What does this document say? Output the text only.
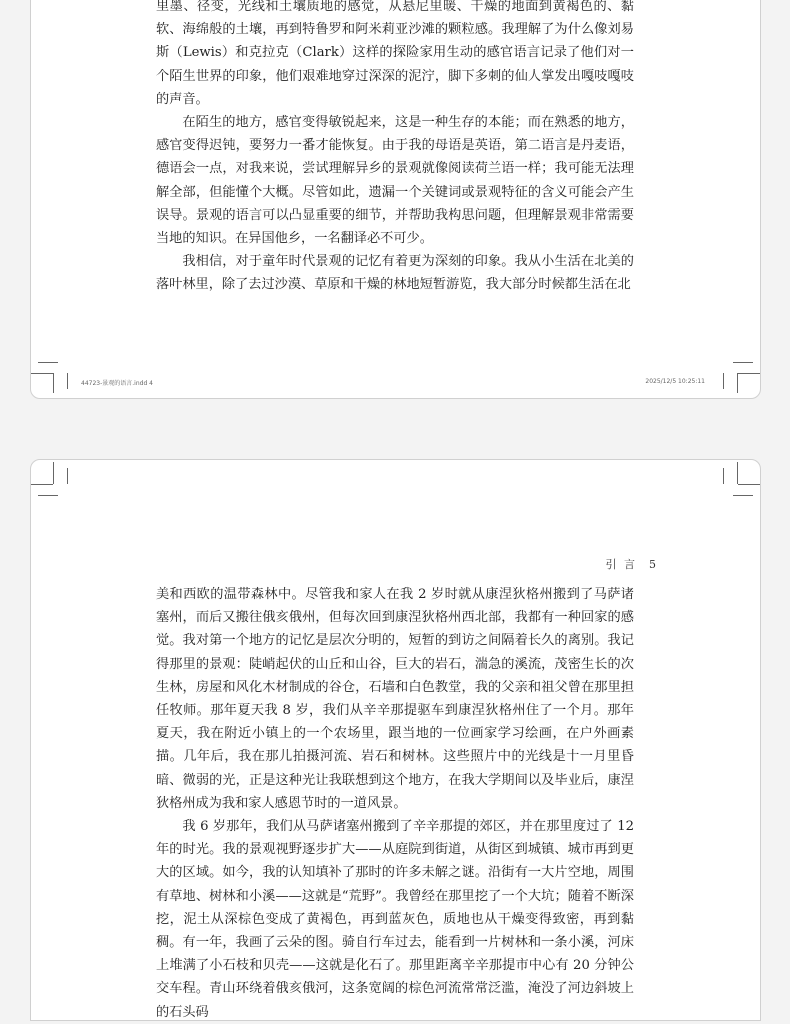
里墨、径变，光线和土壤质地的感觉，从悬尼里暖、干燥的地面到黄褐色的、黏软、海绵般的土壤，再到特鲁罗和阿米莉亚沙滩的颗粒感。我理解了为什么像刘易斯（Lewis）和克拉克（Clark）这样的探险家用生动的感官语言记录了他们对一个陌生世界的印象，他们艰难地穿过深深的泥泞，脚下多刺的仙人掌发出嘎吱嘎吱的声音。

在陌生的地方，感官变得敏锐起来，这是一种生存的本能；而在熟悉的地方，感官变得迟钝，要努力一番才能恢复。由于我的母语是英语，第二语言是丹麦语，德语会一点，对我来说，尝试理解异乡的景观就像阅读荷兰语一样；我可能无法理解全部，但能懂个大概。尽管如此，遗漏一个关键词或景观特征的含义可能会产生误导。景观的语言可以凸显重要的细节，并帮助我构思问题，但理解景观非常需要当地的知识。在异国他乡，一名翻译必不可少。

我相信，对于童年时代景观的记忆有着更为深刻的印象。我从小生活在北美的落叶林里，除了去过沙漠、草原和干燥的林地短暂游览，我大部分时候都生活在北

44723-景观的语言.indd 4	2025/12/5 10:25:11
引 言 5

美和西欧的温带森林中。尽管我和家人在我 2 岁时就从康涅狄格州搬到了马萨诸塞州，而后又搬往俄亥俄州，但每次回到康涅狄格州西北部，我都有一种回家的感觉。我对第一个地方的记忆是层次分明的，短暂的到访之间隔着长久的离别。我记得那里的景观：陡峭起伏的山丘和山谷，巨大的岩石，湍急的溪流，茂密生长的次生林，房屋和风化木材制成的谷仓，石墙和白色教堂，我的父亲和祖父曾在那里担任牧师。那年夏天我 8 岁，我们从辛辛那提驱车到康涅狄格州住了一个月。那年夏天，我在附近小镇上的一个农场里，跟当地的一位画家学习绘画，在户外画素描。几年后，我在那儿拍摄河流、岩石和树林。这些照片中的光线是十一月里昏暗、微弱的光，正是这种光让我联想到这个地方，在我大学期间以及毕业后，康涅狄格州成为我和家人感恩节时的一道风景。

我 6 岁那年，我们从马萨诸塞州搬到了辛辛那提的郊区，并在那里度过了 12 年的时光。我的景观视野逐步扩大——从庭院到街道，从街区到城镇、城市再到更大的区域。如今，我的认知填补了那时的许多未解之谜。沿街有一大片空地，周围有草地、树林和小溪——这就是“荒野”。我曾经在那里挖了一个大坑；随着不断深挖，泥土从深棕色变成了黄褐色，再到蓝灰色，质地也从干燥变得致密，再到黏稠。有一年，我画了云朵的图。骑自行车过去，能看到一片树林和一条小溪，河床上堆满了小石枝和贝壳——这就是化石了。那里距离辛辛那提市中心有 20 分钟公交车程。青山环绕着俄亥俄河，这条宽阔的棕色河流常常泛滥，淹没了河边斜坡上的石头码
